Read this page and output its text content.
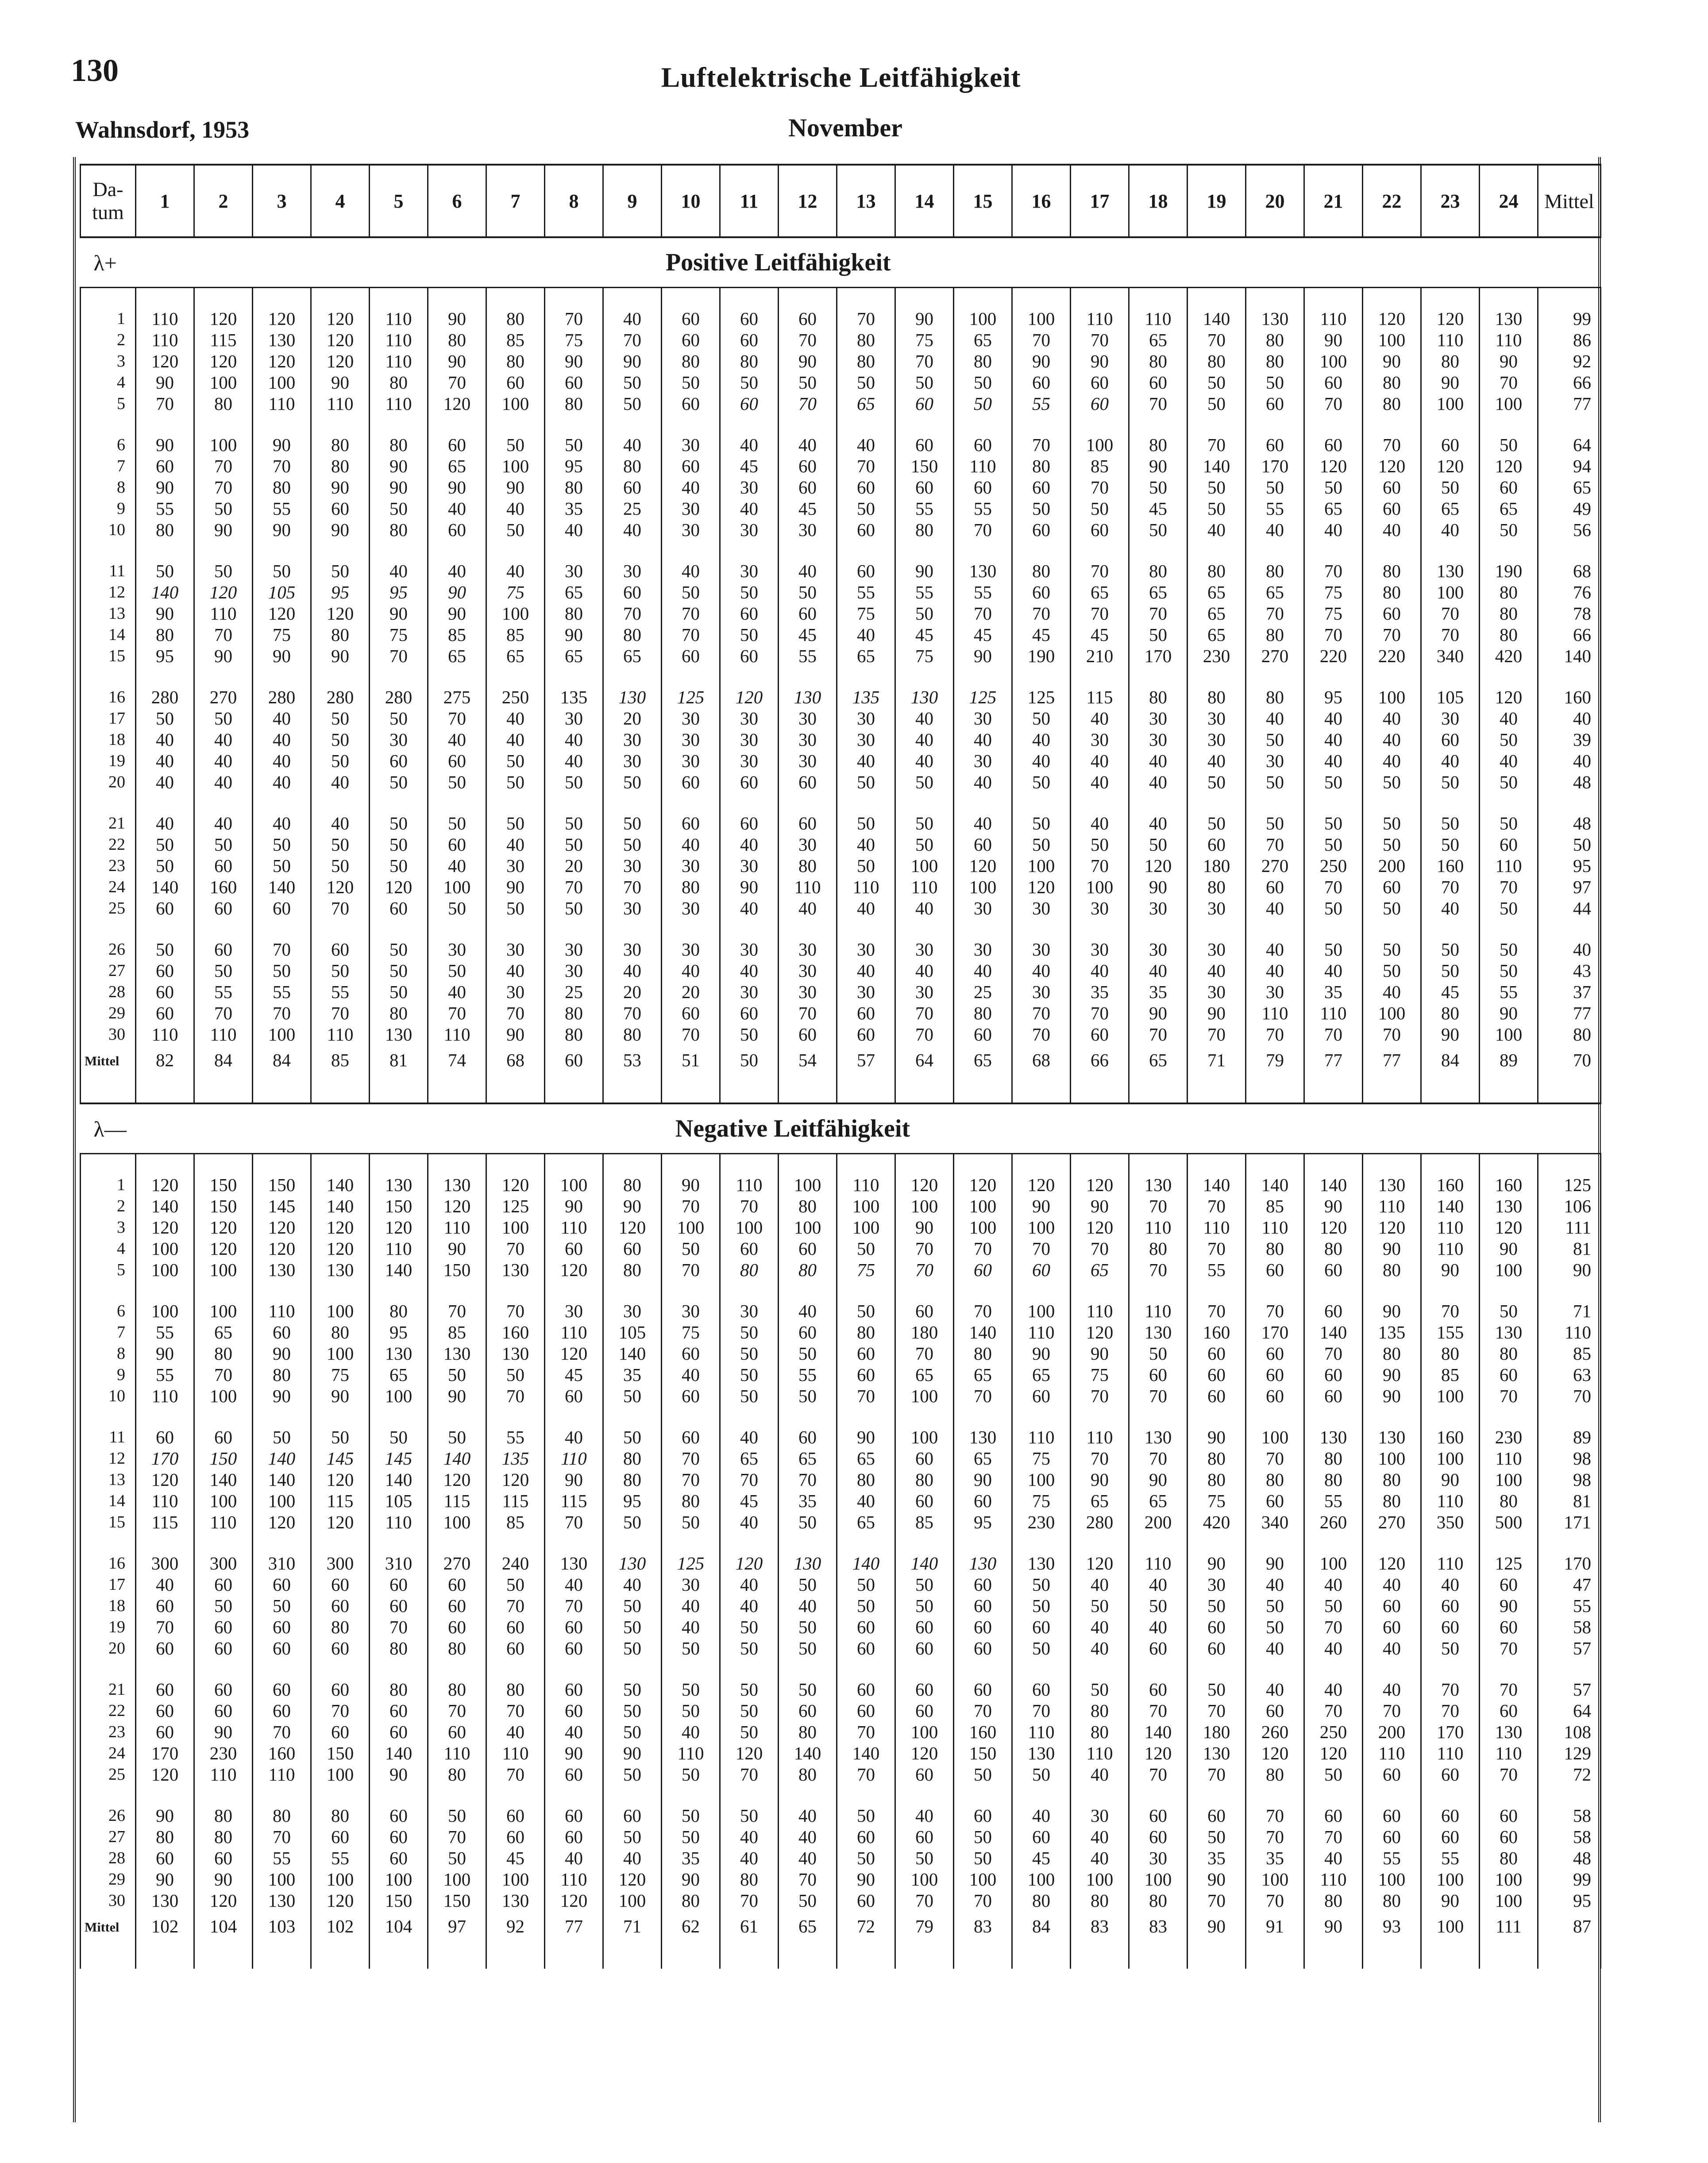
130	Luftelektrische Leitfähigkeit
Wahnsdorf, 1953	November
Da-
tum	1	2	3	4	5	6	7	8	9	10	11	12	13	14	15	16	17	18	19	20	21	22	23	24	Mittel
λ+ Positive Leitfähigkeit																									
1	110	120	120	120	110	90	80	70	40	60	60	60	70	90	100	100	110	110	140	130	110	120	120	130	99
2	110	115	130	120	110	80	85	75	70	60	60	70	80	75	65	70	70	65	70	80	90	100	110	110	86
3	120	120	120	120	110	90	80	90	90	80	80	90	80	70	80	90	90	80	80	80	100	90	80	90	92
4	90	100	100	90	80	70	60	60	50	50	50	50	50	50	50	60	60	60	50	50	60	80	90	70	66
5	70	80	110	110	110	120	100	80	50	60	60	70	65	60	50	55	60	70	50	60	70	80	100	100	77
6	90	100	90	80	80	60	50	50	40	30	40	40	40	60	60	70	100	80	70	60	60	70	60	50	64
7	60	70	70	80	90	65	100	95	80	60	45	60	70	150	110	80	85	90	140	170	120	120	120	120	94
8	90	70	80	90	90	90	90	80	60	40	30	60	60	60	60	60	70	50	50	50	50	60	50	60	65
9	55	50	55	60	50	40	40	35	25	30	40	45	50	55	55	50	50	45	50	55	65	60	65	65	49
10	80	90	90	90	80	60	50	40	40	30	30	30	60	80	70	60	60	50	40	40	40	40	40	50	56
11	50	50	50	50	40	40	40	30	30	40	30	40	60	90	130	80	70	80	80	80	70	80	130	190	68
12	140	120	105	95	95	90	75	65	60	50	50	50	55	55	55	60	65	65	65	65	75	80	100	80	76
13	90	110	120	120	90	90	100	80	70	70	60	60	75	50	70	70	70	70	65	70	75	60	70	80	78
14	80	70	75	80	75	85	85	90	80	70	50	45	40	45	45	45	45	50	65	80	70	70	70	80	66
15	95	90	90	90	70	65	65	65	65	60	60	55	65	75	90	190	210	170	230	270	220	220	340	420	140
16	280	270	280	280	280	275	250	135	130	125	120	130	135	130	125	125	115	80	80	80	95	100	105	120	160
17	50	50	40	50	50	70	40	30	20	30	30	30	30	40	30	50	40	30	30	40	40	40	30	40	40
18	40	40	40	50	30	40	40	40	30	30	30	30	30	40	40	40	30	30	30	50	40	40	60	50	39
19	40	40	40	50	60	60	50	40	30	30	30	30	40	40	30	40	40	40	40	30	40	40	40	40	40
20	40	40	40	40	50	50	50	50	50	60	60	60	50	50	40	50	40	40	50	50	50	50	50	50	48
21	40	40	40	40	50	50	50	50	50	60	60	60	50	50	40	50	40	40	50	50	50	50	50	50	48
22	50	50	50	50	50	60	40	50	50	40	40	30	40	50	60	50	50	50	60	70	50	50	50	60	50
23	50	60	50	50	50	40	30	20	30	30	30	80	50	100	120	100	70	120	180	270	250	200	160	110	95
24	140	160	140	120	120	100	90	70	70	80	90	110	110	110	100	120	100	90	80	60	70	60	70	70	97
25	60	60	60	70	60	50	50	50	30	30	40	40	40	40	30	30	30	30	30	40	50	50	40	50	44
26	50	60	70	60	50	30	30	30	30	30	30	30	30	30	30	30	30	30	30	40	50	50	50	50	40
27	60	50	50	50	50	50	40	30	40	40	40	30	40	40	40	40	40	40	40	40	40	50	50	50	43
28	60	55	55	55	50	40	30	25	20	20	30	30	30	30	25	30	35	35	30	30	35	40	45	55	37
29	60	70	70	70	80	70	70	80	70	60	60	70	60	70	80	70	70	90	90	110	110	100	80	90	77
30	110	110	100	110	130	110	90	80	80	70	50	60	60	70	60	70	60	70	70	70	70	70	90	100	80
Mittel	82	84	84	85	81	74	68	60	53	51	50	54	57	64	65	68	66	65	71	79	77	77	84	89	70
λ— Negative Leitfähigkeit																									
1	120	150	150	140	130	130	120	100	80	90	110	100	110	120	120	120	120	130	140	140	140	130	160	160	125
2	140	150	145	140	150	120	125	90	90	70	70	80	100	100	100	90	90	70	70	85	90	110	140	130	106
3	120	120	120	120	120	110	100	110	120	100	100	100	100	90	100	100	120	110	110	110	120	120	110	120	111
4	100	120	120	120	110	90	70	60	60	50	60	60	50	70	70	70	70	80	70	80	80	90	110	90	81
5	100	100	130	130	140	150	130	120	80	70	80	80	75	70	60	60	65	70	55	60	60	80	90	100	90
6	100	100	110	100	80	70	70	30	30	30	30	40	50	60	70	100	110	110	70	70	60	90	70	50	71
7	55	65	60	80	95	85	160	110	105	75	50	60	80	180	140	110	120	130	160	170	140	135	155	130	110
8	90	80	90	100	130	130	130	120	140	60	50	50	60	70	80	90	90	50	60	60	70	80	80	80	85
9	55	70	80	75	65	50	50	45	35	40	50	55	60	65	65	65	75	60	60	60	60	90	85	60	63
10	110	100	90	90	100	90	70	60	50	60	50	50	70	100	70	60	70	70	60	60	60	90	100	70	70
11	60	60	50	50	50	50	55	40	50	60	40	60	90	100	130	110	110	130	90	100	130	130	160	230	89
12	170	150	140	145	145	140	135	110	80	70	65	65	65	60	65	75	70	70	80	70	80	100	100	110	98
13	120	140	140	120	140	120	120	90	80	70	70	70	80	80	90	100	90	90	80	80	80	80	90	100	98
14	110	100	100	115	105	115	115	115	95	80	45	35	40	60	60	75	65	65	75	60	55	80	110	80	81
15	115	110	120	120	110	100	85	70	50	50	40	50	65	85	95	230	280	200	420	340	260	270	350	500	171
16	300	300	310	300	310	270	240	130	130	125	120	130	140	140	130	130	120	110	90	90	100	120	110	125	170
17	40	60	60	60	60	60	50	40	40	30	40	50	50	50	60	50	40	40	30	40	40	40	40	60	47
18	60	50	50	60	60	60	70	70	50	40	40	40	50	50	60	50	50	50	50	50	50	60	60	90	55
19	70	60	60	80	70	60	60	60	50	40	50	50	60	60	60	60	40	40	60	50	70	60	60	60	58
20	60	60	60	60	80	80	60	60	50	50	50	50	60	60	60	50	40	60	60	40	40	40	50	70	57
21	60	60	60	60	80	80	80	60	50	50	50	50	60	60	60	60	50	60	50	40	40	40	70	70	57
22	60	60	60	70	60	70	70	60	50	50	50	60	60	60	70	70	80	70	70	60	70	70	70	60	64
23	60	90	70	60	60	60	40	40	50	40	50	80	70	100	160	110	80	140	180	260	250	200	170	130	108
24	170	230	160	150	140	110	110	90	90	110	120	140	140	120	150	130	110	120	130	120	120	110	110	110	129
25	120	110	110	100	90	80	70	60	50	50	70	80	70	60	50	50	40	70	70	80	50	60	60	70	72
26	90	80	80	80	60	50	60	60	60	50	50	40	50	40	60	40	30	60	60	70	60	60	60	60	58
27	80	80	70	60	60	70	60	60	50	50	40	40	60	60	50	60	40	60	50	70	70	60	60	60	58
28	60	60	55	55	60	50	45	40	40	35	40	40	50	50	50	45	40	30	35	35	40	55	55	80	48
29	90	90	100	100	100	100	100	110	120	90	80	70	90	100	100	100	100	100	90	100	110	100	100	100	99
30	130	120	130	120	150	150	130	120	100	80	70	50	60	70	70	80	80	80	70	70	80	80	90	100	95
Mittel	102	104	103	102	104	97	92	77	71	62	61	65	72	79	83	84	83	83	90	91	90	93	100	111	87
